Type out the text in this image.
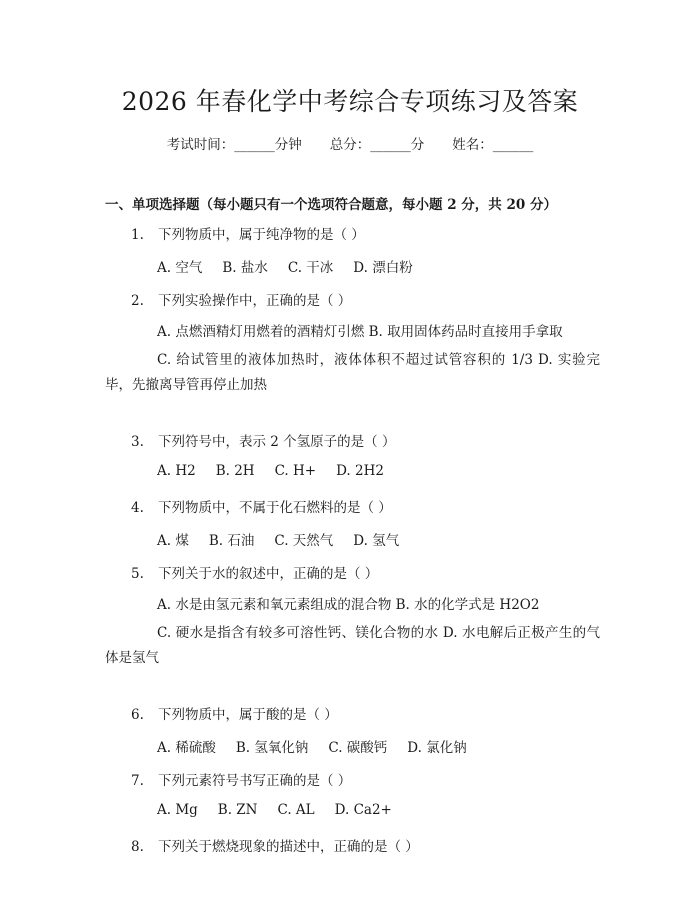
2026 年春化学中考综合专项练习及答案
考试时间：______分钟 总分：______分 姓名：______
一、单项选择题（每小题只有一个选项符合题意，每小题 2 分，共 20 分）
1. 下列物质中，属于纯净物的是（ ）
A. 空气 B. 盐水 C. 干冰 D. 漂白粉
2. 下列实验操作中，正确的是（ ）
A. 点燃酒精灯用燃着的酒精灯引燃 B. 取用固体药品时直接用手拿取
C. 给试管里的液体加热时，液体体积不超过试管容积的 1/3 D. 实验完毕，先撤离导管再停止加热
3. 下列符号中，表示 2 个氢原子的是（ ）
A. H2 B. 2H C. H+ D. 2H2
4. 下列物质中，不属于化石燃料的是（ ）
A. 煤 B. 石油 C. 天然气 D. 氢气
5. 下列关于水的叙述中，正确的是（ ）
A. 水是由氢元素和氧元素组成的混合物 B. 水的化学式是 H2O2
C. 硬水是指含有较多可溶性钙、镁化合物的水 D. 水电解后正极产生的气体是氢气
6. 下列物质中，属于酸的是（ ）
A. 稀硫酸 B. 氢氧化钠 C. 碳酸钙 D. 氯化钠
7. 下列元素符号书写正确的是（ ）
A. Mg B. ZN C. AL D. Ca2+
8. 下列关于燃烧现象的描述中，正确的是（ ）
